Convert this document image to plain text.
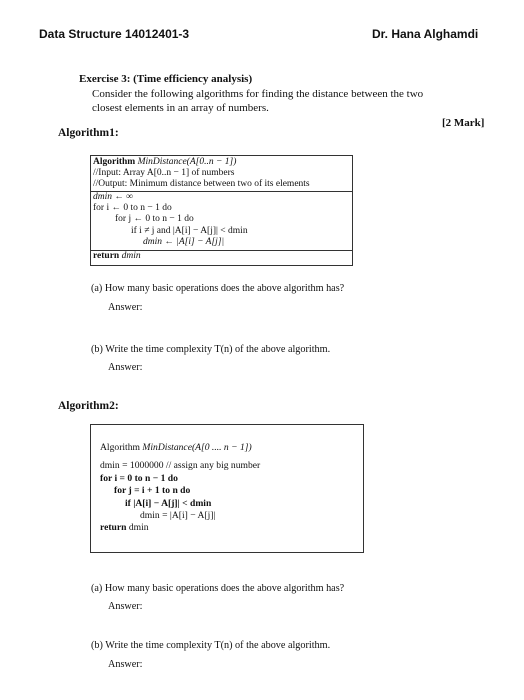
Data Structure 14012401-3	Dr. Hana Alghamdi
Exercise 3: (Time efficiency analysis)
Consider the following algorithms for finding the distance between the two
closest elements in an array of numbers.
[2 Mark]
Algorithm1:
Algorithm MinDistance(A[0..n − 1])
//Input: Array A[0..n − 1] of numbers
//Output: Minimum distance between two of its elements
dmin ← ∞
for i ← 0 to n − 1 do
for j ← 0 to n − 1 do
if i ≠ j and |A[i] − A[j]| < dmin
dmin ← |A[i] − A[j]|
return dmin
(a) How many basic operations does the above algorithm has?
Answer:
(b) Write the time complexity T(n) of the above algorithm.
Answer:
Algorithm2:
Algorithm MinDistance(A[0 .... n − 1])
dmin = 1000000 // assign any big number
for i = 0 to n − 1 do
for j = i + 1 to n do
if |A[i] − A[j]| < dmin
dmin = |A[i] − A[j]|
return dmin
(a) How many basic operations does the above algorithm has?
Answer:
(b) Write the time complexity T(n) of the above algorithm.
Answer:
